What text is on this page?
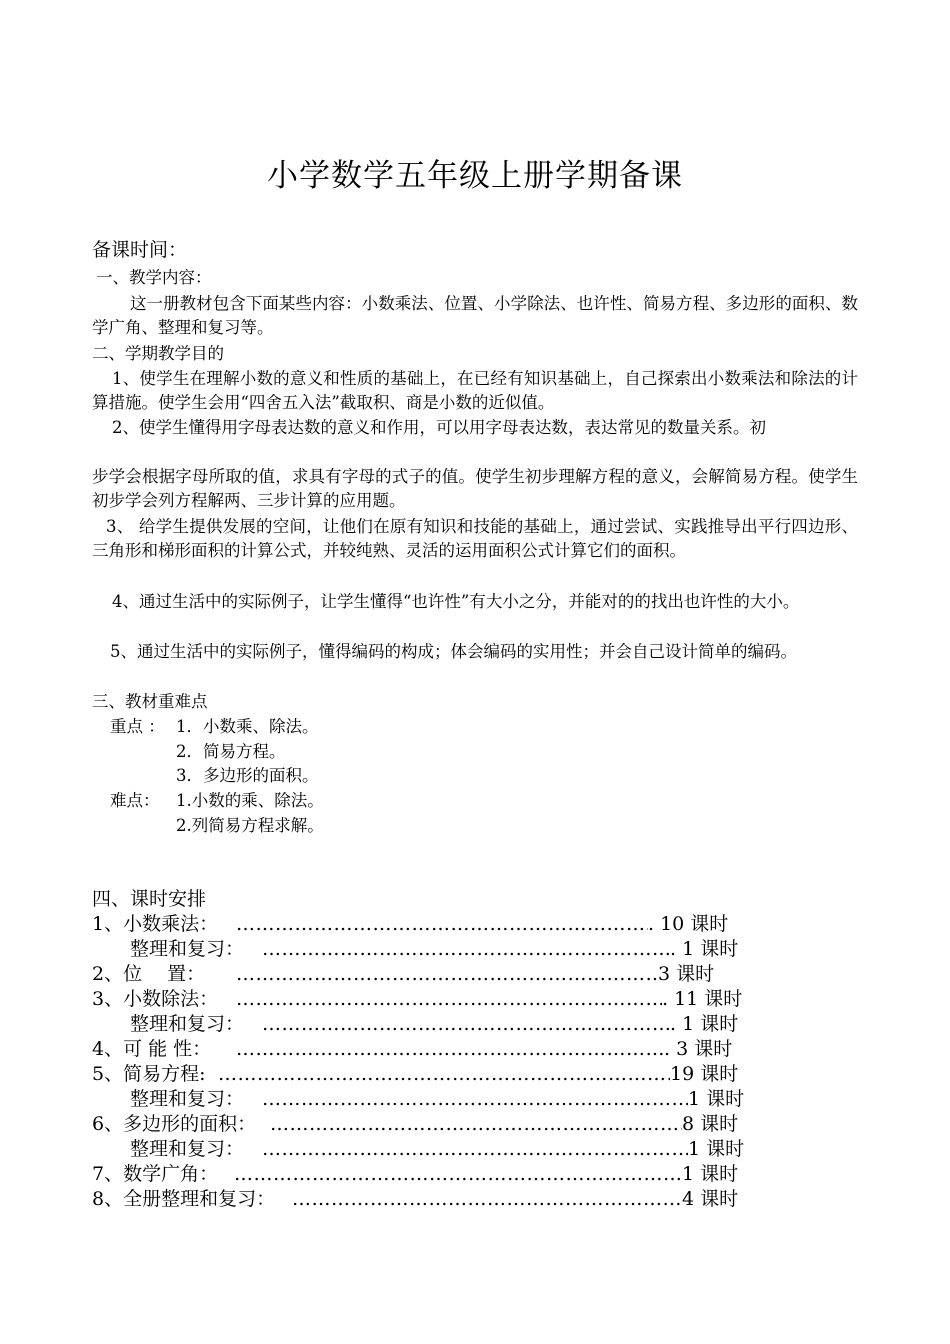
小学数学五年级上册学期备课
备课时间：
一、教学内容：
这一册教材包含下面某些内容：小数乘法、位置、小学除法、也许性、简易方程、多边形的面积、数学广角、整理和复习等。
二、学期教学目的
1、使学生在理解小数的意义和性质的基础上，在已经有知识基础上，自己探索出小数乘法和除法的计算措施。使学生会用“四舍五入法”截取积、商是小数的近似值。
2、使学生懂得用字母表达数的意义和作用，可以用字母表达数，表达常见的数量关系。初
步学会根据字母所取的值，求具有字母的式子的值。使学生初步理解方程的意义，会解简易方程。使学生初步学会列方程解两、三步计算的应用题。
3、 给学生提供发展的空间，让他们在原有知识和技能的基础上，通过尝试、实践推导出平行四边形、三角形和梯形面积的计算公式，并较纯熟、灵活的运用面积公式计算它们的面积。
4、通过生活中的实际例子，让学生懂得“也许性”有大小之分，并能对的的找出也许性的大小。
5、通过生活中的实际例子，懂得编码的构成；体会编码的实用性；并会自己设计简单的编码。
三、教材重难点
重点 ： 1．小数乘、除法。
2．简易方程。
3．多边形的面积。
难点： 1.小数的乘、除法。
2.列简易方程求解。
四、课时安排
1、小数乘法： ……………………………………………………………………………………………………………	. 10 课时
整理和复习： ……………………………………………………………………………………………………………	. 1 课时
2、位　 置： ……………………………………………………………………………………………………………	3 课时
3、小数除法： ……………………………………………………………………………………………………………	. 11 课时
整理和复习： ……………………………………………………………………………………………………………	. 1 课时
4、可 能 性： ……………………………………………………………………………………………………………	. 3 课时
5、简易方程: ……………………………………………………………………………………………………………	19 课时
整理和复习： ……………………………………………………………………………………………………………	1 课时
6、多边形的面积： ……………………………………………………………………………………………………………	8 课时
整理和复习： ……………………………………………………………………………………………………………	1 课时
7、数学广角： ……………………………………………………………………………………………………………	1 课时
8、全册整理和复习： ……………………………………………………………………………………………………………	4 课时
